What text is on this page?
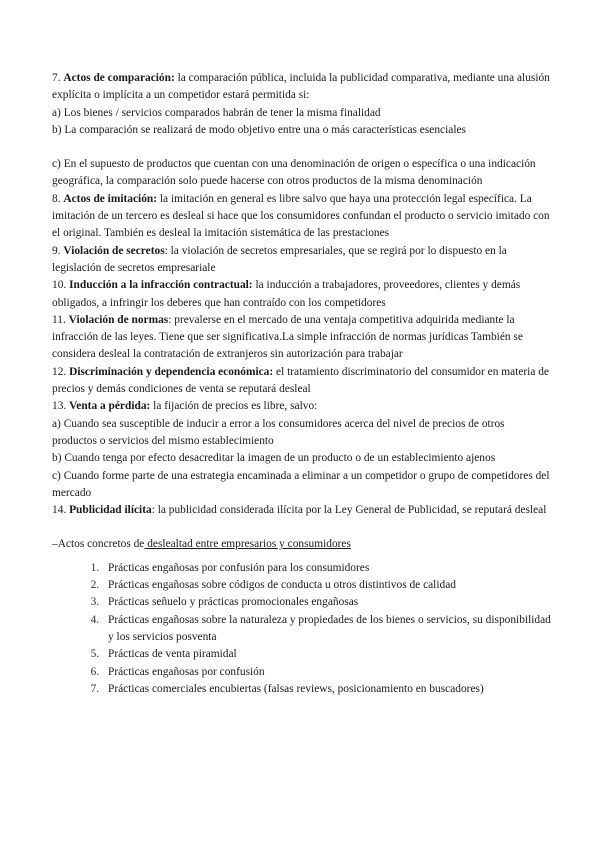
7. Actos de comparación: la comparación pública, incluida la publicidad comparativa, mediante una alusión explícita o implícita a un competidor estará permitida si:

a) Los bienes / servicios comparados habrán de tener la misma finalidad

b) La comparación se realizará de modo objetivo entre una o más características esenciales

c) En el supuesto de productos que cuentan con una denominación de origen o específica o una indicación geográfica, la comparación solo puede hacerse con otros productos de la misma denominación

8. Actos de imitación: la imitación en general es libre salvo que haya una protección legal específica. La imitación de un tercero es desleal si hace que los consumidores confundan el producto o servicio imitado con el original. También es desleal la imitación sistemática de las prestaciones

9. Violación de secretos: la violación de secretos empresariales, que se regirá por lo dispuesto en la legislación de secretos empresariale

10. Inducción a la infracción contractual: la inducción a trabajadores, proveedores, clientes y demás obligados, a infringir los deberes que han contraído con los competidores

11. Violación de normas: prevalerse en el mercado de una ventaja competitiva adquirida mediante la infracción de las leyes. Tiene que ser significativa.La simple infracción de normas jurídicas También se considera desleal la contratación de extranjeros sin autorización para trabajar

12. Discriminación y dependencia económica: el tratamiento discriminatorio del consumidor en materia de precios y demás condiciones de venta se reputará desleal

13. Venta a pérdida: la fijación de precios es libre, salvo:

a) Cuando sea susceptible de inducir a error a los consumidores acerca del nivel de precios de otros productos o servicios del mismo establecimiento

b) Cuando tenga por efecto desacreditar la imagen de un producto o de un establecimiento ajenos

c) Cuando forme parte de una estrategia encaminada a eliminar a un competidor o grupo de competidores del mercado

14. Publicidad ilícita: la publicidad considerada ilícita por la Ley General de Publicidad, se reputará desleal

–Actos concretos de deslealtad entre empresarios y consumidores

1. Prácticas engañosas por confusión para los consumidores
2. Prácticas engañosas sobre códigos de conducta u otros distintivos de calidad
3. Prácticas señuelo y prácticas promocionales engañosas
4. Prácticas engañosas sobre la naturaleza y propiedades de los bienes o servicios, su disponibilidad y los servicios posventa
5. Prácticas de venta piramidal
6. Prácticas engañosas por confusión
7. Prácticas comerciales encubiertas (falsas reviews, posicionamiento en buscadores)
